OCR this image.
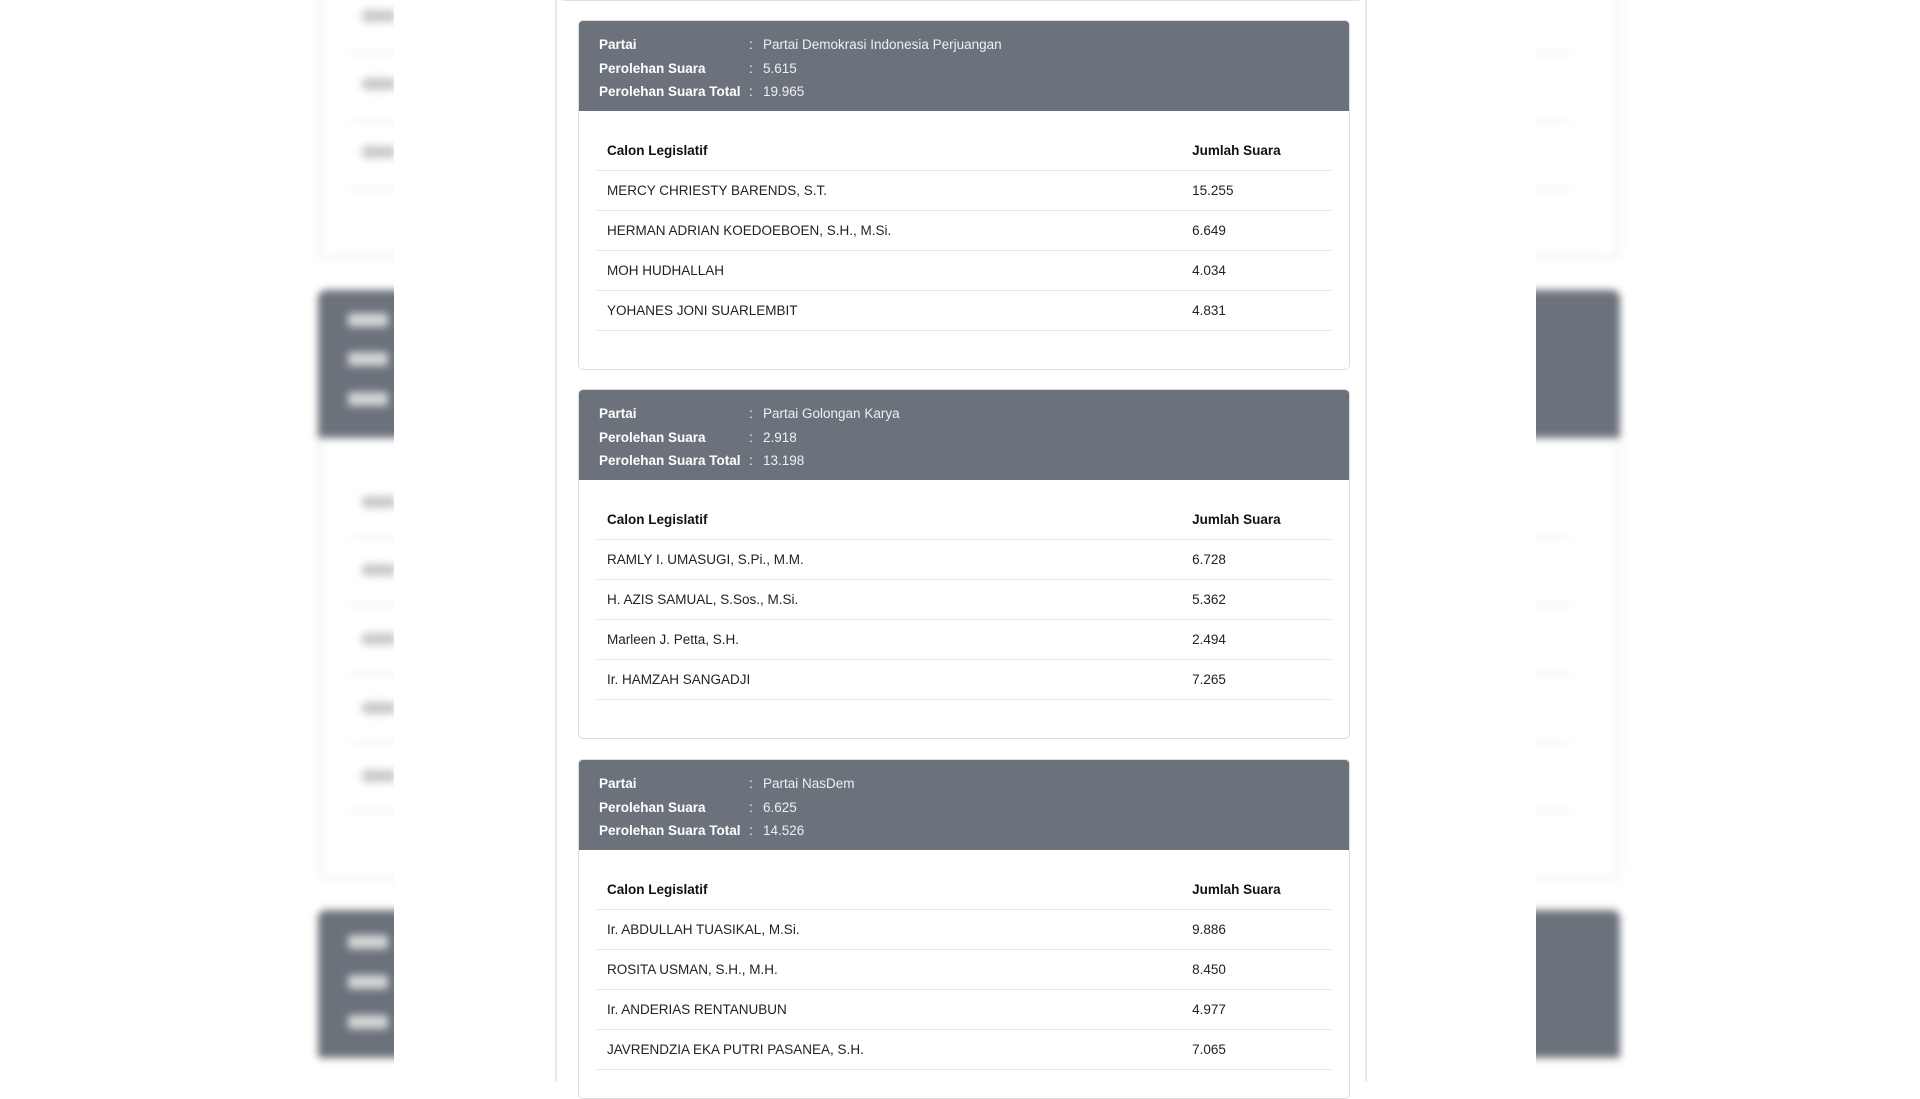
Partai	: Partai Demokrasi Indonesia Perjuangan
Perolehan Suara	: 5.615
Perolehan Suara Total : 19.965
Calon Legislatif	Jumlah Suara
MERCY CHRIESTY BARENDS, S.T.	15.255
HERMAN ADRIAN KOEDOEBOEN, S.H., M.Si.	6.649
MOH HUDHALLAH	4.034
YOHANES JONI SUARLEMBIT	4.831
Partai	: Partai Golongan Karya
Perolehan Suara	: 2.918
Perolehan Suara Total : 13.198
Calon Legislatif	Jumlah Suara
RAMLY I. UMASUGI, S.Pi., M.M.	6.728
H. AZIS SAMUAL, S.Sos., M.Si.	5.362
Marleen J. Petta, S.H.	2.494
Ir. HAMZAH SANGADJI	7.265
Partai	: Partai NasDem
Perolehan Suara	: 6.625
Perolehan Suara Total : 14.526
Calon Legislatif	Jumlah Suara
Ir. ABDULLAH TUASIKAL, M.Si.	9.886
ROSITA USMAN, S.H., M.H.	8.450
Ir. ANDERIAS RENTANUBUN	4.977
JAVRENDZIA EKA PUTRI PASANEA, S.H.	7.065
